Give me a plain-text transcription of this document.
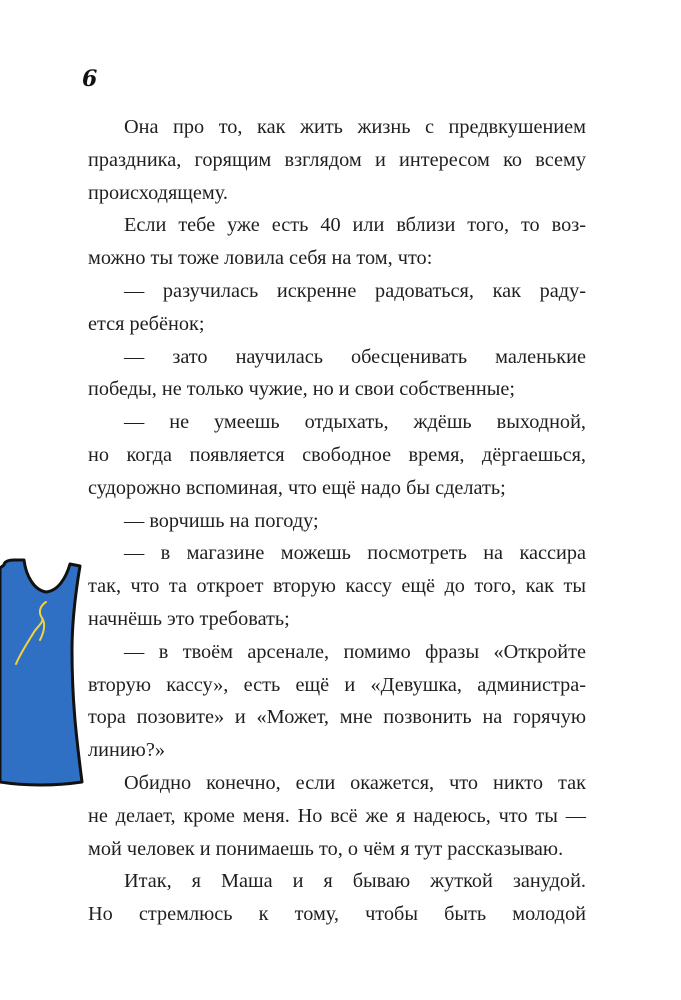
6
Она про то, как жить жизнь с предвкушением
праздника, горящим взглядом и интересом ко всему
происходящему.
Если тебе уже есть 40 или вблизи того, то воз-
можно ты тоже ловила себя на том, что:
— разучилась искренне радоваться, как раду-
ется ребёнок;
— зато научилась обесценивать маленькие
победы, не только чужие, но и свои собственные;
— не умеешь отдыхать, ждёшь выходной,
но когда появляется свободное время, дёргаешься,
судорожно вспоминая, что ещё надо бы сделать;
— ворчишь на погоду;
— в магазине можешь посмотреть на кассира
так, что та откроет вторую кассу ещё до того, как ты
начнёшь это требовать;
— в твоём арсенале, помимо фразы «Откройте
вторую кассу», есть ещё и «Девушка, администра-
тора позовите» и «Может, мне позвонить на горячую
линию?»
Обидно конечно, если окажется, что никто так
не делает, кроме меня. Но всё же я надеюсь, что ты —
мой человек и понимаешь то, о чём я тут рассказываю.
Итак, я Маша и я бываю жуткой занудой.
Но стремлюсь к тому, чтобы быть молодой
